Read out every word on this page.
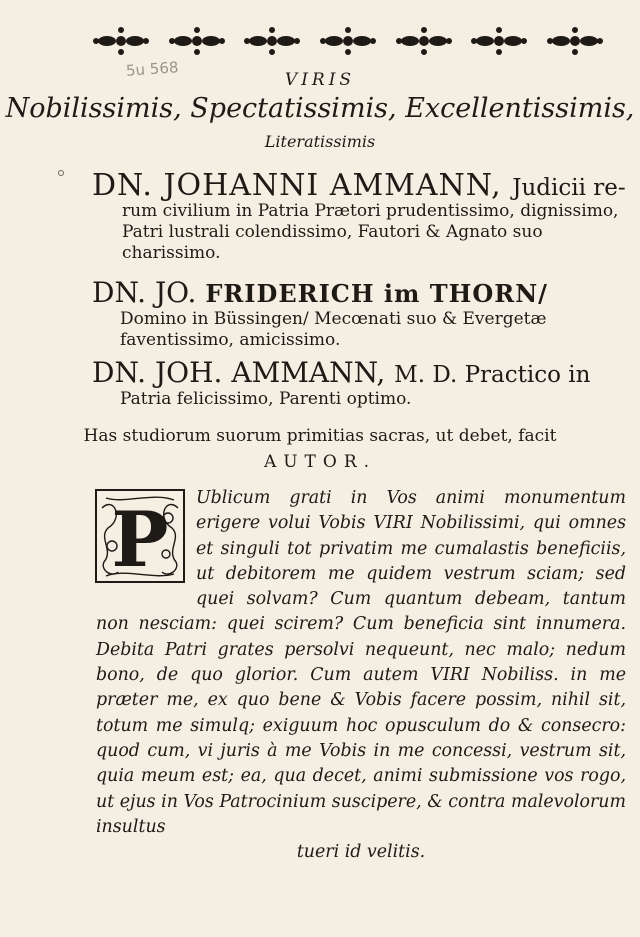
5u 568
VIRIS
Nobilissimis, Spectatissimis, Excellentissimis,
Literatissimis
DN. JOHANNI AMMANN, Judicii re-
rum civilium in Patria Prætori prudentissimo, dignissimo, Patri lustrali colendissimo, Fautori & Agnato suo charissimo.
DN. JO. FRIDERICH im THORN/
Domino in Büssingen/ Mecœnati suo & Evergetæ faventissimo, amicissimo.
DN. JOH. AMMANN, M. D. Practico in
Patria felicissimo, Parenti optimo.
Has studiorum suorum primitias sacras, ut debet, facit
AUTOR.
P	Ublicum grati in Vos animi monumentum erigere volui Vobis VIRI Nobilissimi, qui omnes et singuli tot privatim me cumalastis beneficiis, ut debitorem me quidem vestrum sciam; sed quei solvam? Cum quantum debeam, tantum non nesciam: quei scirem? Cum beneficia sint innumera. Debita Patri grates persolvi nequeunt, nec malo; nedum bono, de quo glorior. Cum autem VIRI Nobiliss. in me præter me, ex quo bene & Vobis facere possim, nihil sit, totum me simulq; exiguum hoc opusculum do & consecro: quod cum, vi juris à me Vobis in me concessi, vestrum sit, quia meum est; ea, qua decet, animi submissione vos rogo, ut ejus in Vos Patrocinium suscipere, & contra malevolorum insultus
tueri id velitis.
